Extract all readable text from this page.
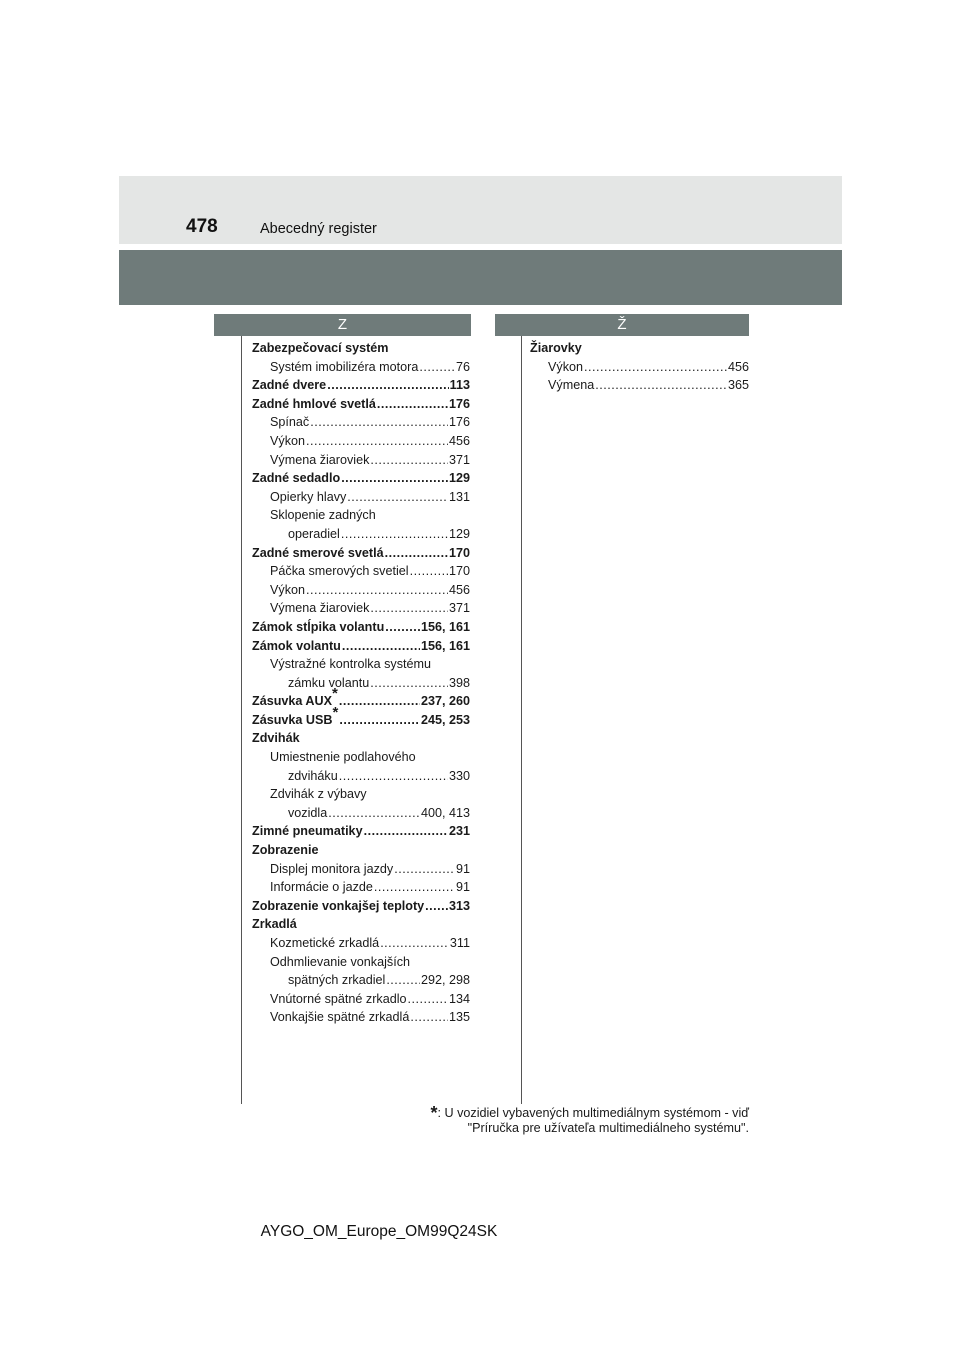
478	Abecedný register
Z	Ž
Zabezpečovací systém
Systém imobilizéra motora .....	76
Zadné dvere .....	113
Zadné hmlové svetlá .....	176
Spínač .....	176
Výkon .....	456
Výmena žiaroviek .....	371
Zadné sedadlo .....	129
Opierky hlavy .....	131
Sklopenie zadných
operadiel .....	129
Zadné smerové svetlá .....	170
Páčka smerových svetiel .....	170
Výkon .....	456
Výmena žiaroviek .....	371
Zámok stĺpika volantu .....	156, 161
Zámok volantu .....	156, 161
Výstražné kontrolka systému
zámku volantu .....	398
Zásuvka AUX* .....	237, 260
Zásuvka USB* .....	245, 253
Zdvihák
Umiestnenie podlahového
zdviháku .....	330
Zdvihák z výbavy
vozidla .....	400, 413
Zimné pneumatiky .....	231
Zobrazenie
Displej monitora jazdy .....	91
Informácie o jazde .....	91
Zobrazenie vonkajšej teploty ..... 313
Zrkadlá
Kozmetické zrkadlá .....	311
Odhmlievanie vonkajších
spätných zrkadiel .....	292, 298
Vnútorné spätné zrkadlo .....	134
Vonkajšie spätné zrkadlá .....	135
Žiarovky
Výkon .....	456
Výmena .....	365
*: U vozidiel vybavených multimediálnym systémom - viď
"Príručka pre užívateľa multimediálneho systému".
AYGO_OM_Europe_OM99Q24SK
